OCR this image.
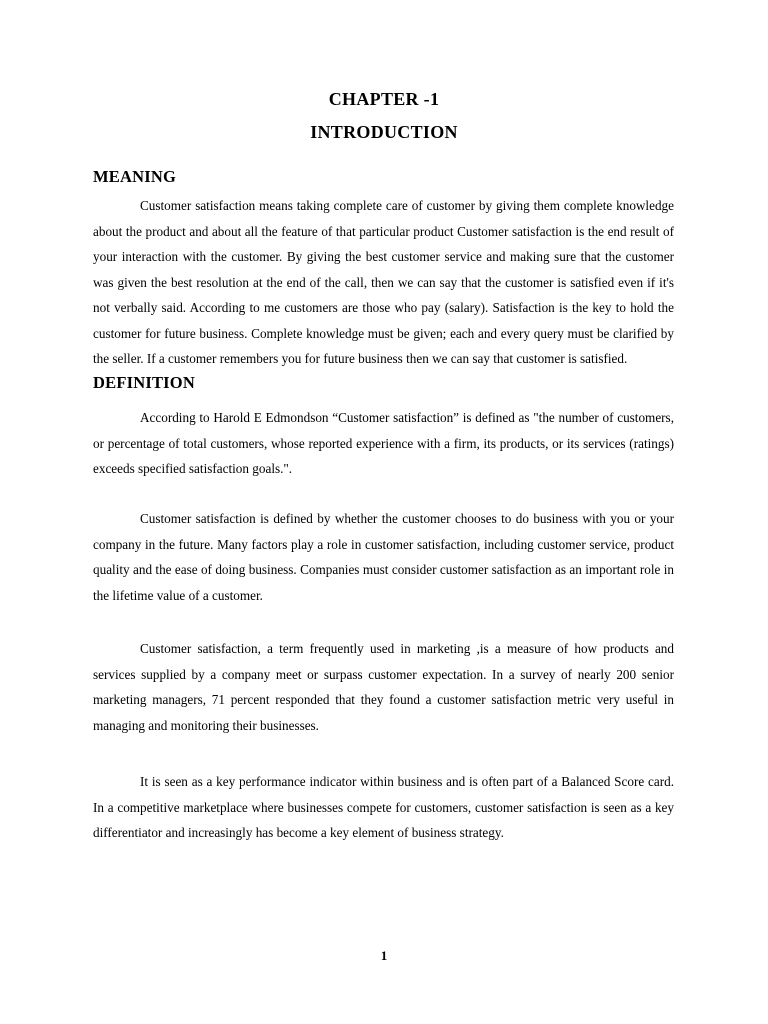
CHAPTER -1
INTRODUCTION
MEANING
Customer satisfaction means taking complete care of customer by giving them complete knowledge about the product and about all the feature of that particular product Customer satisfaction is the end result of your interaction with the customer. By giving the best customer service and making sure that the customer was given the best resolution at the end of the call, then we can say that the customer is satisfied even if it's not verbally said. According to me customers are those who pay (salary). Satisfaction is the key to hold the customer for future business. Complete knowledge must be given; each and every query must be clarified by the seller. If a customer remembers you for future business then we can say that customer is satisfied.
DEFINITION
According to Harold E Edmondson “Customer satisfaction” is defined as "the number of customers, or percentage of total customers, whose reported experience with a firm, its products, or its services (ratings) exceeds specified satisfaction goals.".
Customer satisfaction is defined by whether the customer chooses to do business with you or your company in the future. Many factors play a role in customer satisfaction, including customer service, product quality and the ease of doing business. Companies must consider customer satisfaction as an important role in the lifetime value of a customer.
Customer satisfaction, a term frequently used in marketing ,is a measure of how products and services supplied by a company meet or surpass customer expectation. In a survey of nearly 200 senior marketing managers, 71 percent responded that they found a customer satisfaction metric very useful in managing and monitoring their businesses.
It is seen as a key performance indicator within business and is often part of a Balanced Score card. In a competitive marketplace where businesses compete for customers, customer satisfaction is seen as a key differentiator and increasingly has become a key element of business strategy.
1
